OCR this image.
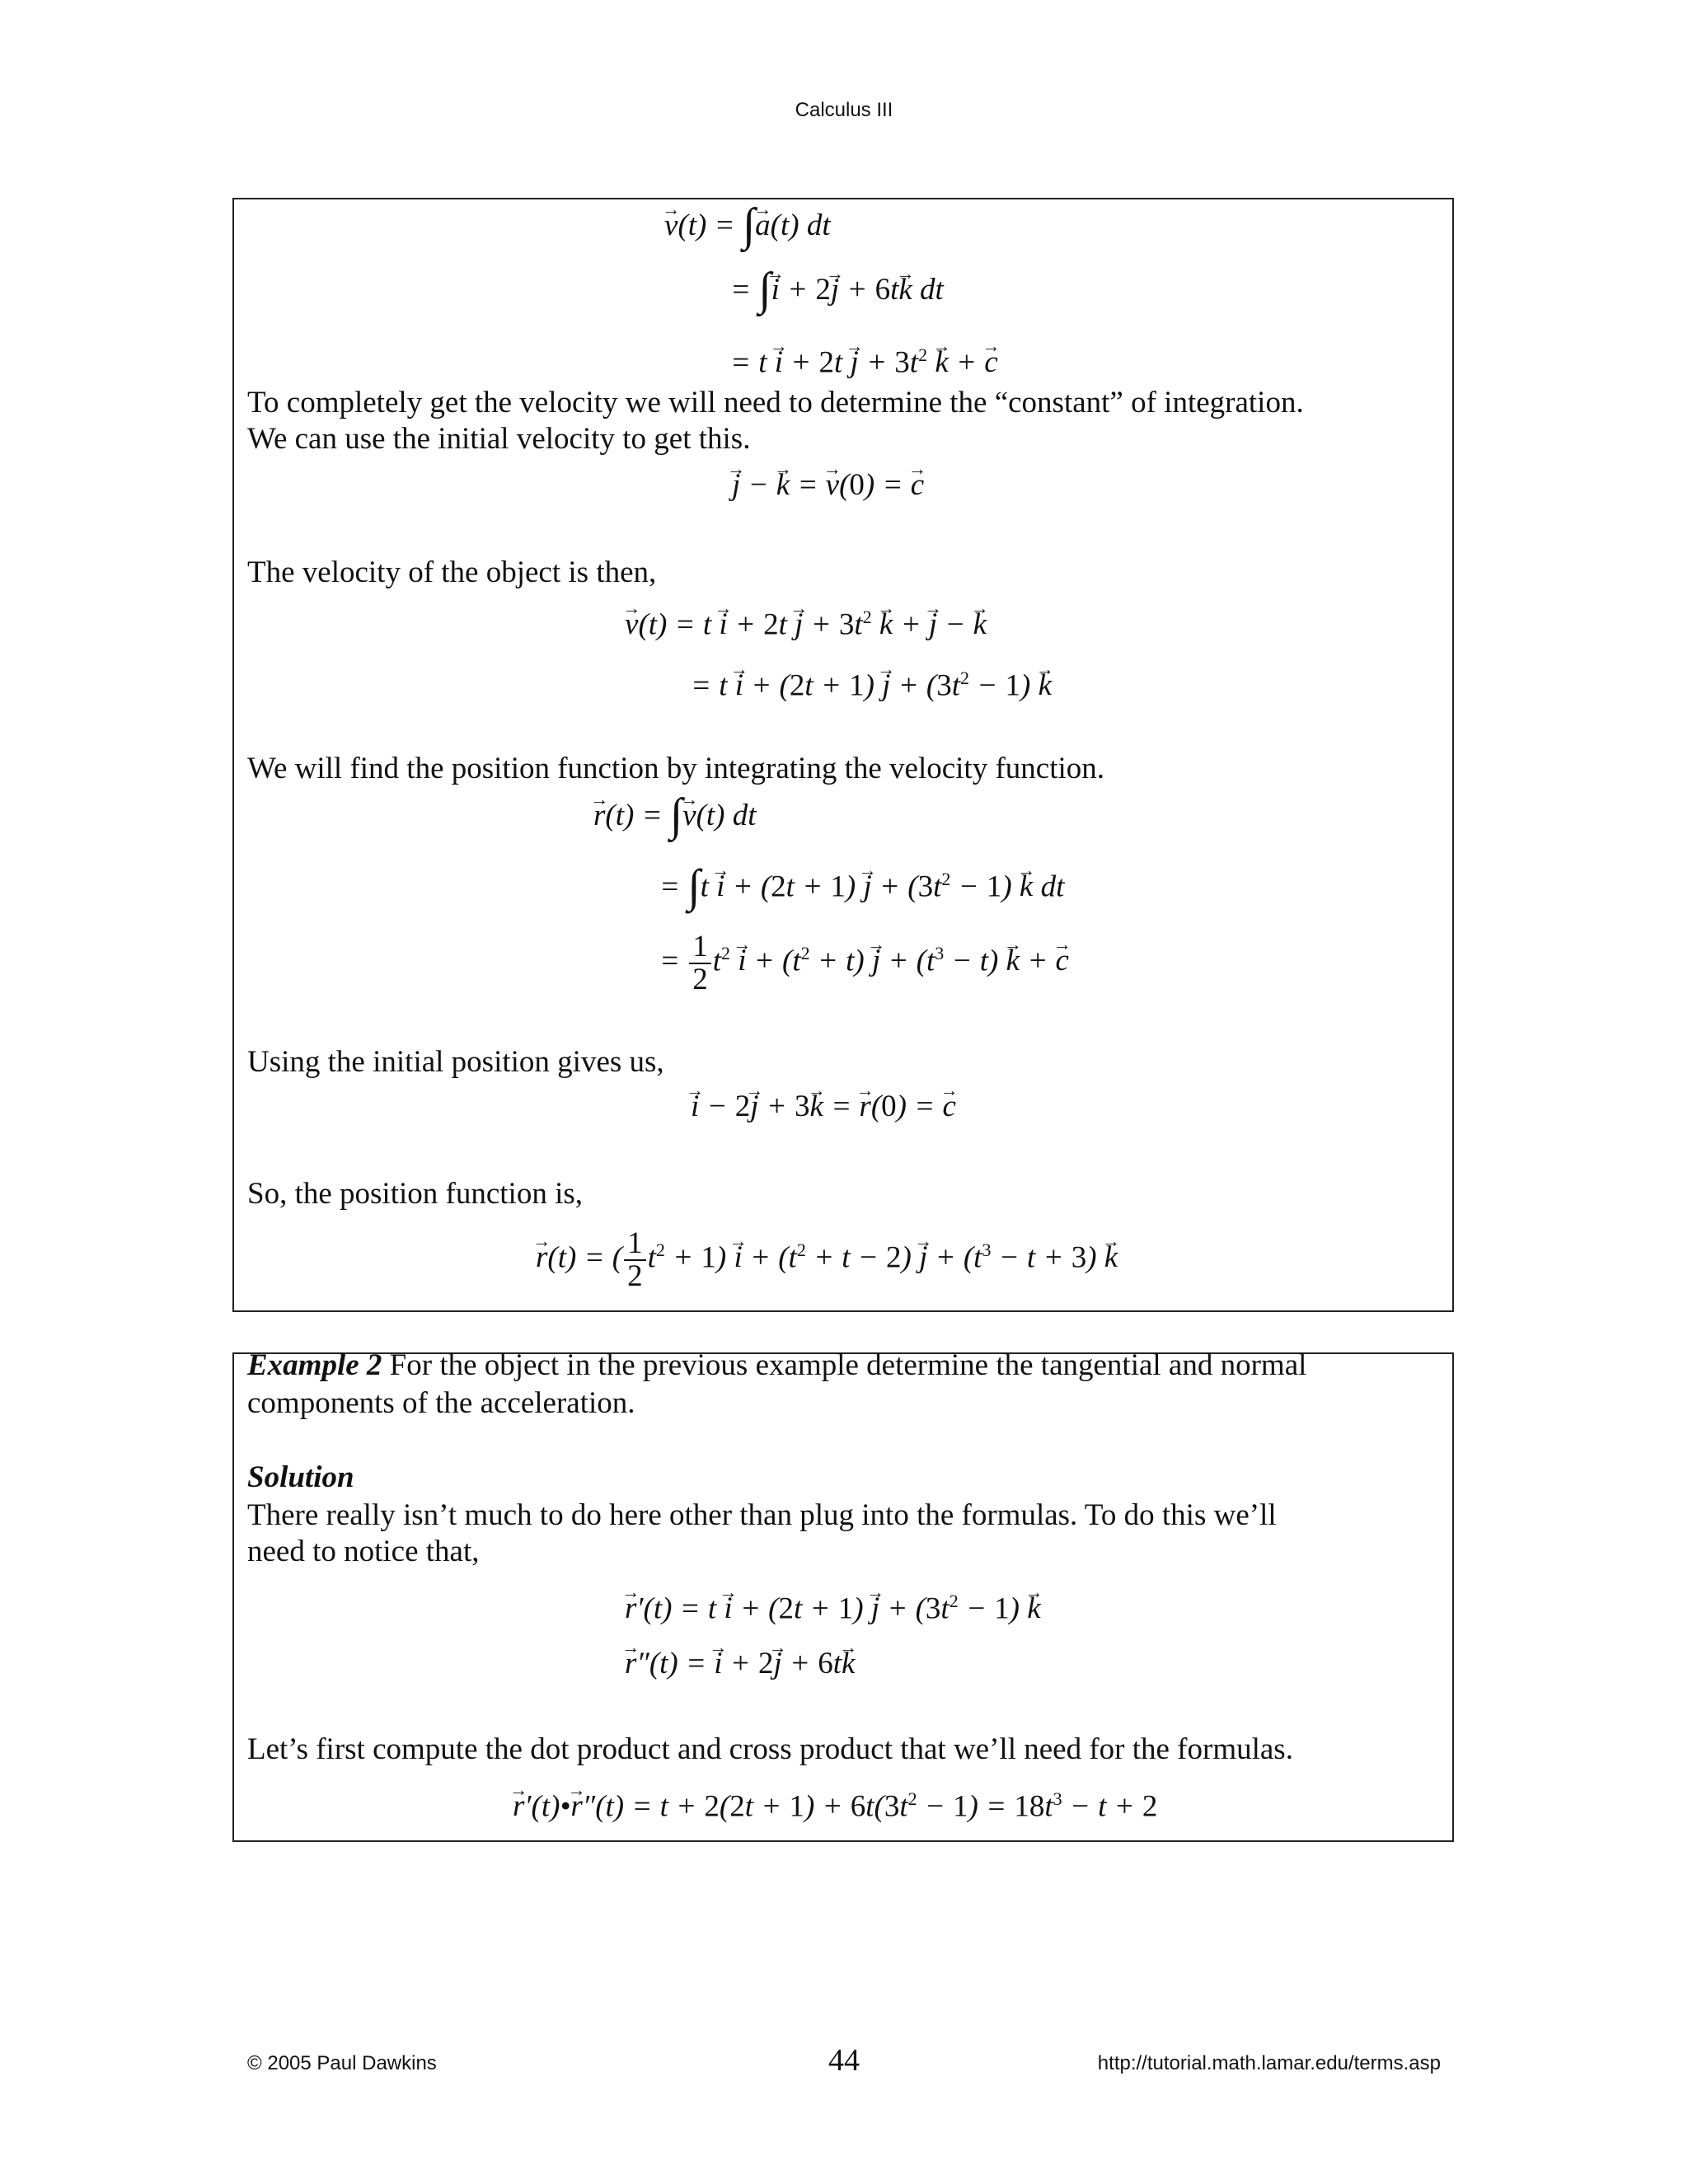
Calculus III
→ v(t) = ∫→ a(t) dt
= ∫→ i + 2→ j + 6t→ k dt
= $t \to i + 2t \to j + 3t^2 \to k$ + → c
To completely get the velocity we will need to determine the “constant” of integration.
We can use the initial velocity to get this.
→ j − → k = → v(0) = → c
The velocity of the object is then,
→ $v(t) = t \to i + 2t \to j + 3t^2 \to k$ + → j − → k
= $t \to i + (2t + 1) \to j + (3t^2 - 1) \to k$
We will find the position function by integrating the velocity function.
→ r(t) = ∫→ v(t) dt
= $\int t \to i + (2t + 1) \to j + (3t^2 - 1) \to k$ dt
= $\frac{1}{2} t^2 \to i + (t^2 + t) \to j + (t^3 - t) \to k$ + → c
Using the initial position gives us,
→ i − 2→ j + 3→ k = → r(0) = → c
So, the position function is,
→ r(t) = ( $\frac{1}{2} t^2 + 1) \to i + (t^2 + t - 2) \to j + (t^3 - t + 3) \to k$
Example 2 For the object in the previous example determine the tangential and normal
components of the acceleration.
Solution
There really isn’t much to do here other than plug into the formulas. To do this we’ll
need to notice that,
→ $r'(t) = t \to i + (2t + 1) \to j + (3t^2 - 1) \to k$
→ r″(t) = → i + 2→ j + 6t→ k
Let’s first compute the dot product and cross product that we’ll need for the formulas.
→ r′(t)•→ $r''(t) = t + 2(2t + 1) + 6t(3t^2 - 1) = 18t^3 - t + 2$
© 2005 Paul Dawkins	44	http://tutorial.math.lamar.edu/terms.asp
